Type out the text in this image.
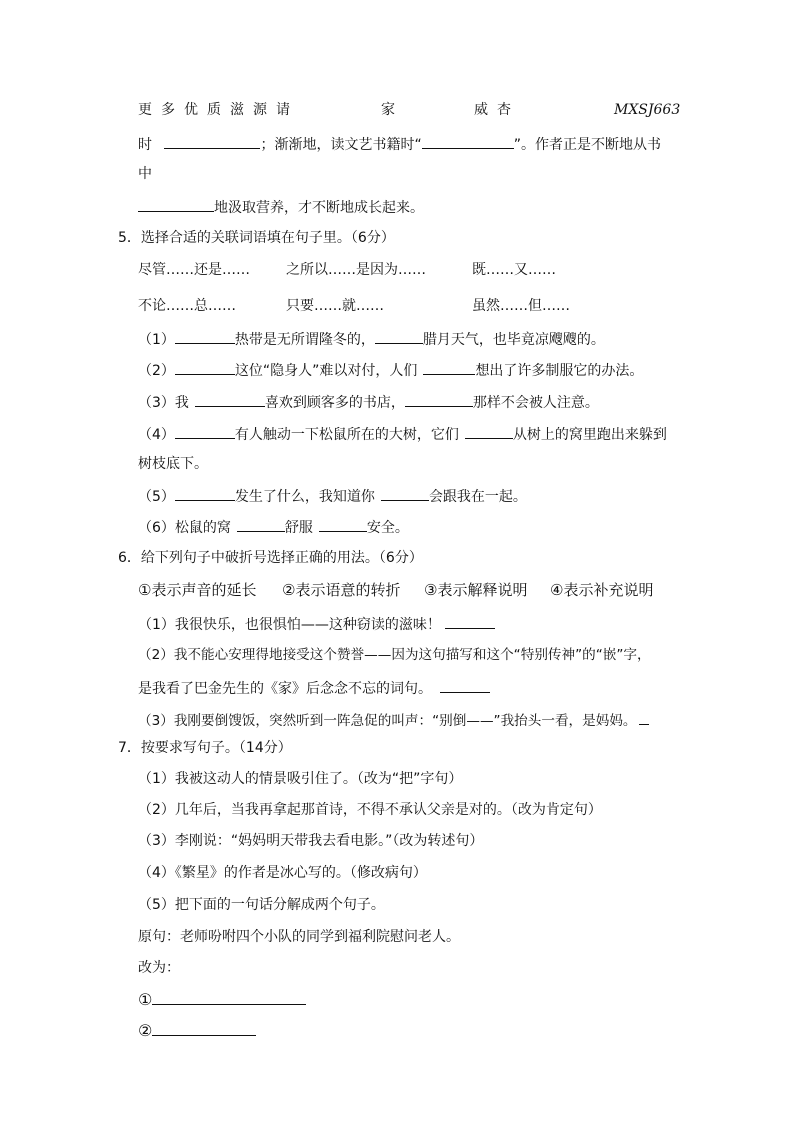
更多优质滋源请	家	威杏	MXSJ663
时	；渐渐地，读文艺书籍时“	”。作者正是不断地从书
中
地汲取营养，才不断地成长起来。
5．选择合适的关联词语填在句子里。（6分）
尽管……还是……	之所以……是因为……	既……又……
不论……总……	只要……就……	虽然……但……
（1）	热带是无所谓隆冬的，	腊月天气，也毕竟凉飕飕的。
（2）	这位“隐身人”难以对付，人们	想出了许多制服它的办法。
（3）我	喜欢到顾客多的书店，	那样不会被人注意。
（4）	有人触动一下松鼠所在的大树，它们	从树上的窝里跑出来躲到
树枝底下。
（5）	发生了什么，我知道你	会跟我在一起。
（6）松鼠的窝	舒服	安全。
6．给下列句子中破折号选择正确的用法。（6分）
①表示声音的延长 ②表示语意的转折 ③表示解释说明 ④表示补充说明
（1）我很快乐，也很惧怕——这种窃读的滋味！
（2）我不能心安理得地接受这个赞誉——因为这句描写和这个“特别传神”的“嵌”字，
是我看了巴金先生的《家》后念念不忘的词句。
（3）我刚要倒馊饭，突然听到一阵急促的叫声：“别倒——”我抬头一看，是妈妈。
7．按要求写句子。（14分）
（1）我被这动人的情景吸引住了。（改为“把”字句）
（2）几年后，当我再拿起那首诗，不得不承认父亲是对的。（改为肯定句）
（3）李刚说：“妈妈明天带我去看电影。”（改为转述句）
（4）《繁星》的作者是冰心写的。（修改病句）
（5）把下面的一句话分解成两个句子。
原句：老师吩咐四个小队的同学到福利院慰问老人。
改为：
①
②
